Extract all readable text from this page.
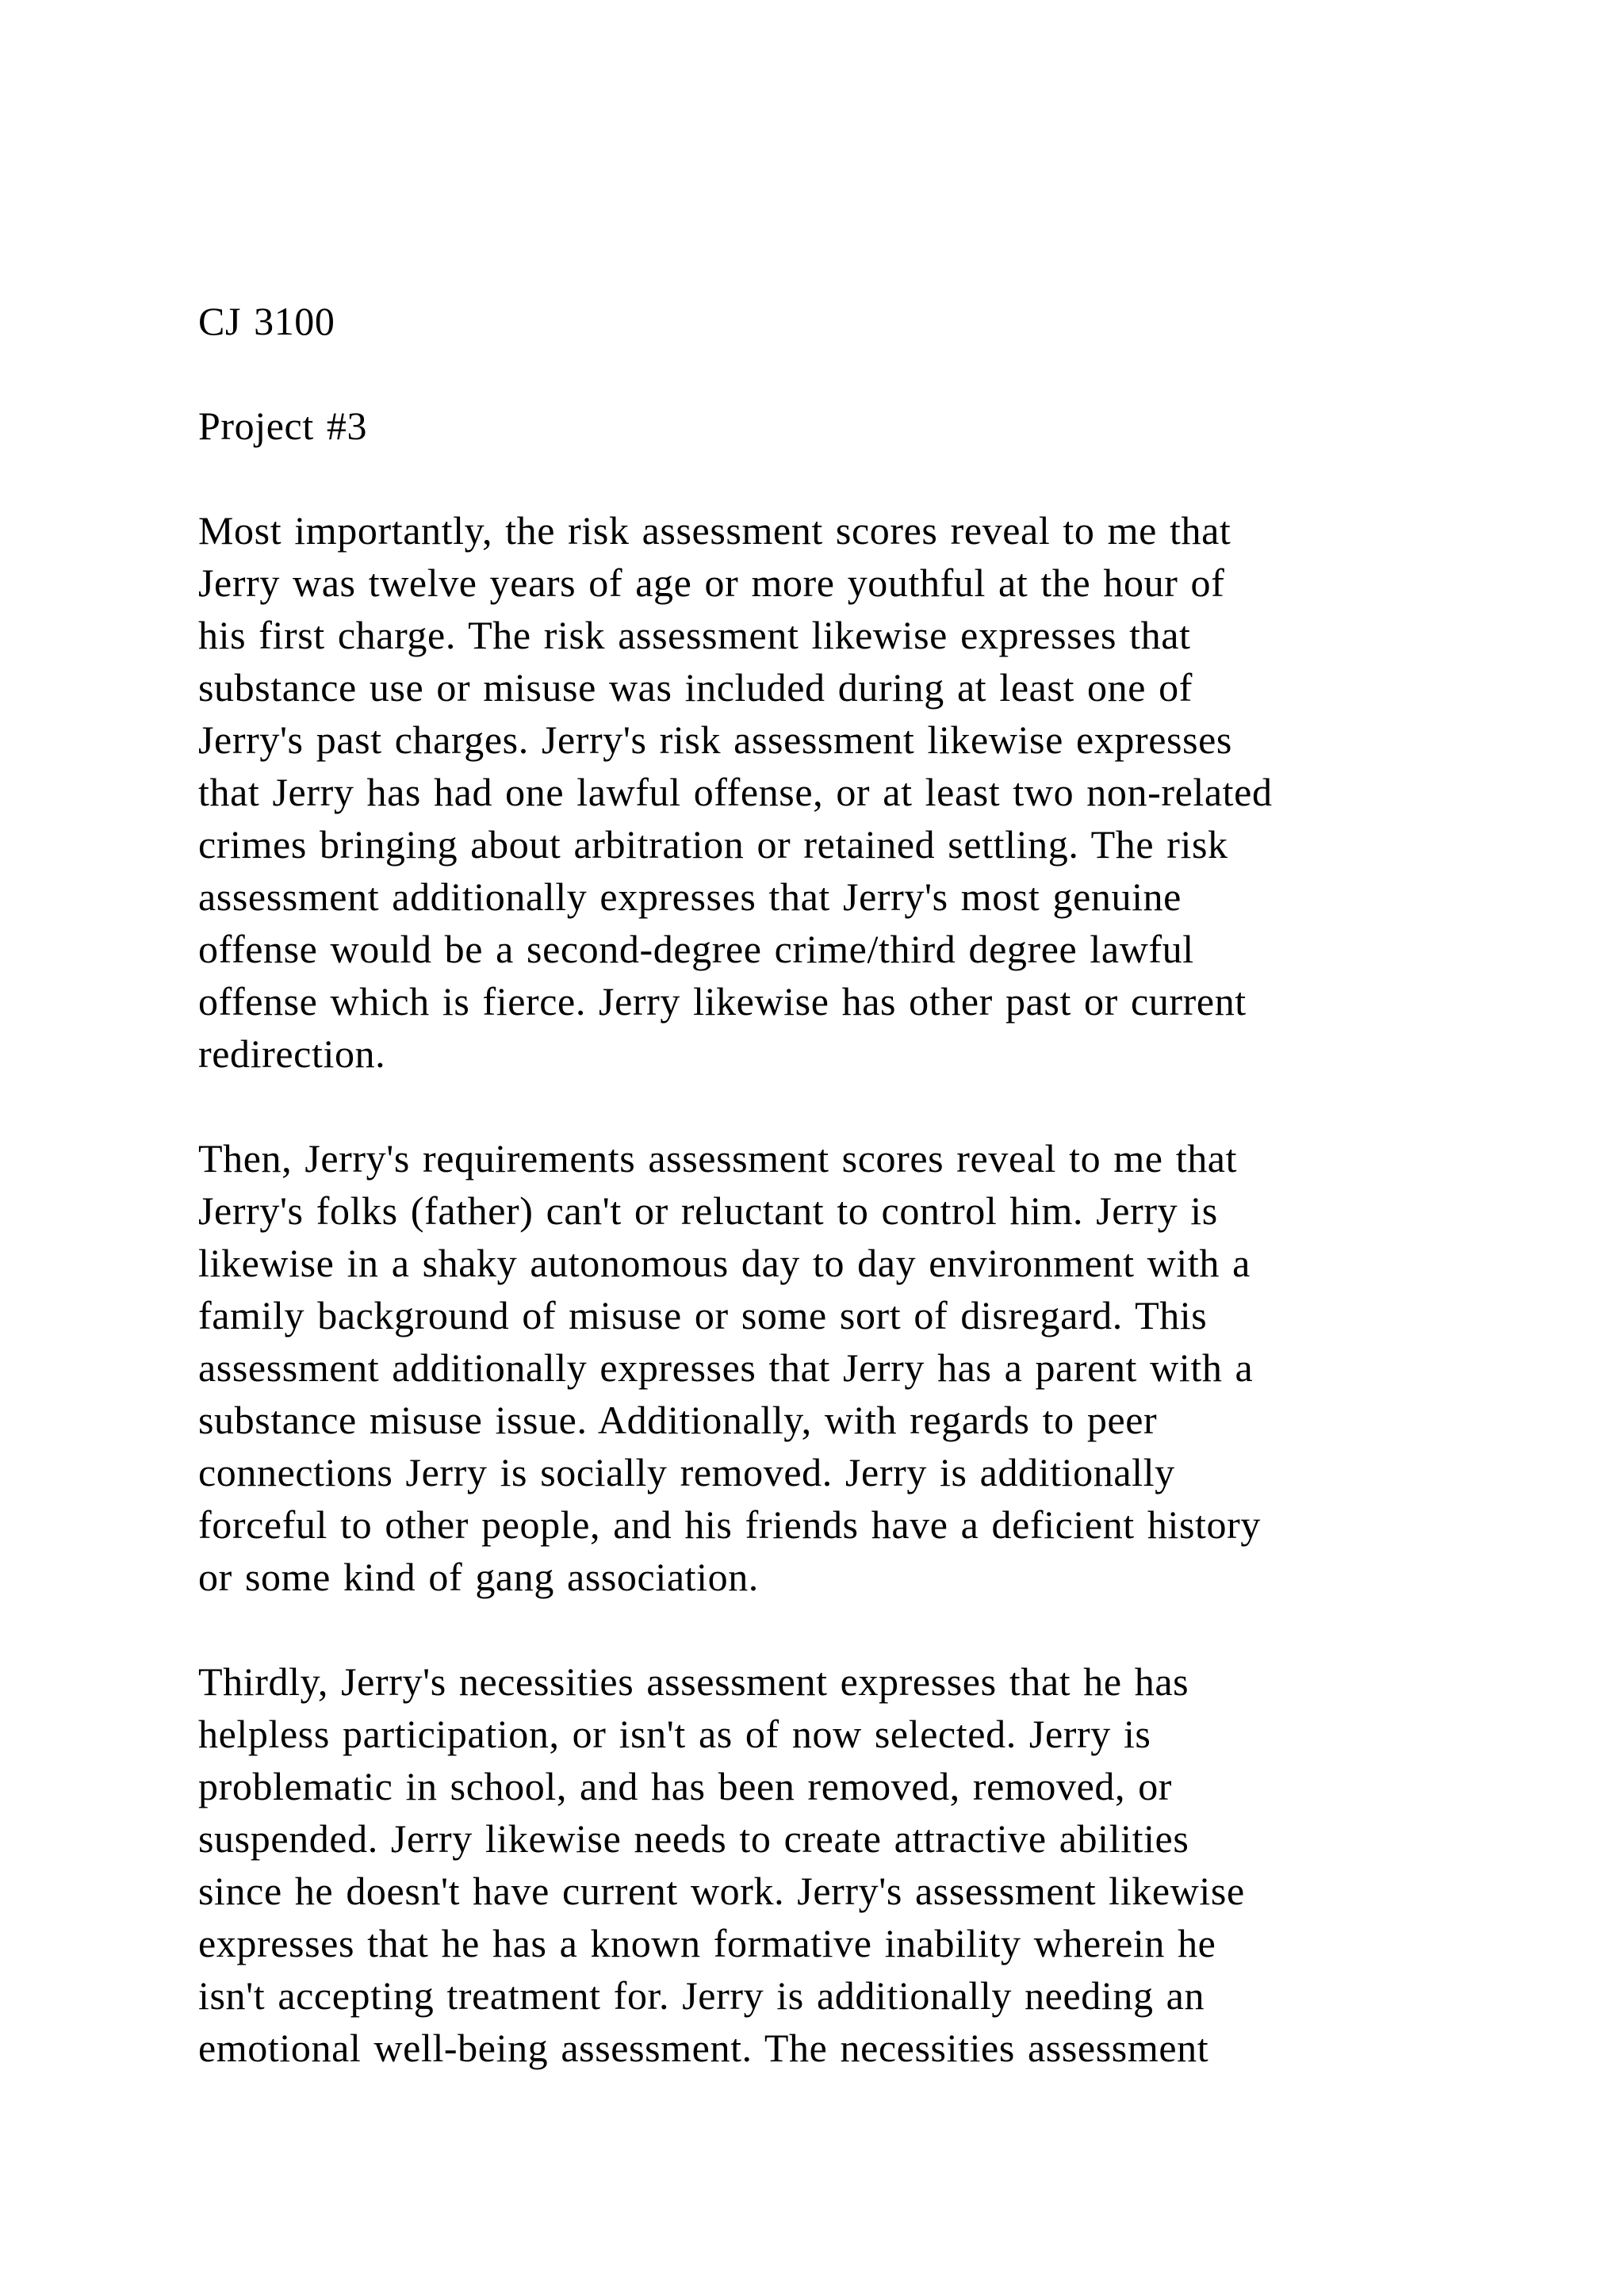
CJ 3100

Project #3

Most importantly, the risk assessment scores reveal to me that
Jerry was twelve years of age or more youthful at the hour of
his first charge. The risk assessment likewise expresses that
substance use or misuse was included during at least one of
Jerry's past charges. Jerry's risk assessment likewise expresses
that Jerry has had one lawful offense, or at least two non-related
crimes bringing about arbitration or retained settling. The risk
assessment additionally expresses that Jerry's most genuine
offense would be a second-degree crime/third degree lawful
offense which is fierce. Jerry likewise has other past or current
redirection.

Then, Jerry's requirements assessment scores reveal to me that
Jerry's folks (father) can't or reluctant to control him. Jerry is
likewise in a shaky autonomous day to day environment with a
family background of misuse or some sort of disregard. This
assessment additionally expresses that Jerry has a parent with a
substance misuse issue. Additionally, with regards to peer
connections Jerry is socially removed. Jerry is additionally
forceful to other people, and his friends have a deficient history
or some kind of gang association.

Thirdly, Jerry's necessities assessment expresses that he has
helpless participation, or isn't as of now selected. Jerry is
problematic in school, and has been removed, removed, or
suspended. Jerry likewise needs to create attractive abilities
since he doesn't have current work. Jerry's assessment likewise
expresses that he has a known formative inability wherein he
isn't accepting treatment for. Jerry is additionally needing an
emotional well-being assessment. The necessities assessment
